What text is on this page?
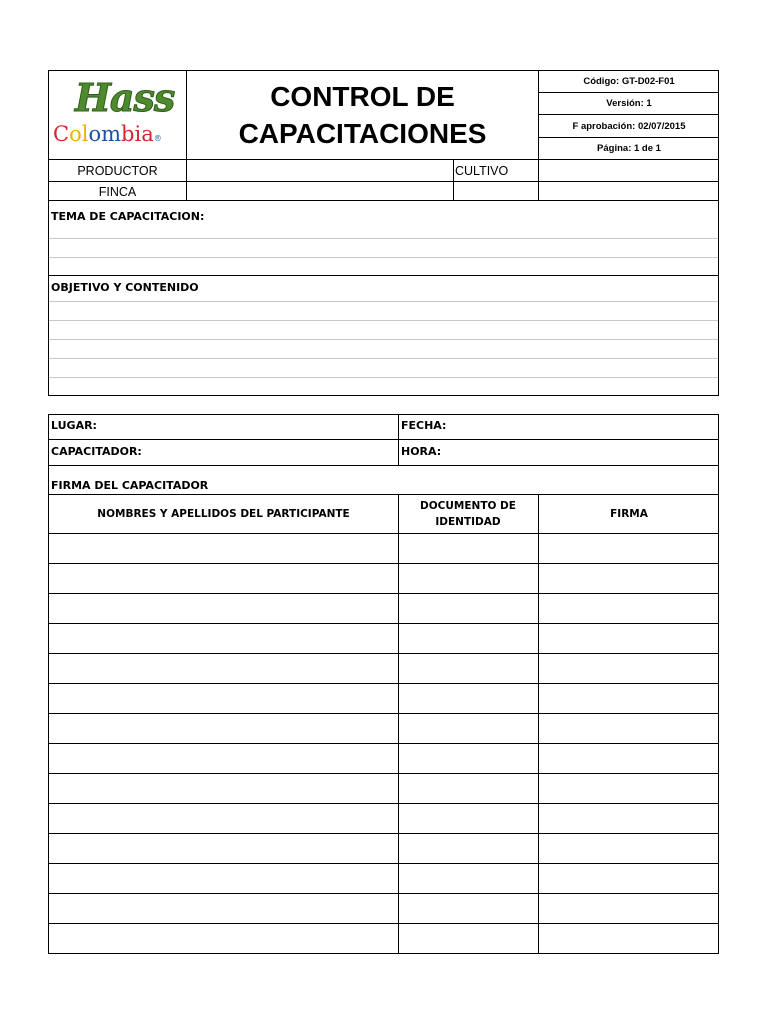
Hass
Colombia®
CONTROL DE
CAPACITACIONES
Código: GT-D02-F01
Versión: 1
F aprobación: 02/07/2015
Página: 1 de 1
PRODUCTOR
FINCA
CULTIVO
TEMA DE CAPACITACION:
OBJETIVO Y CONTENIDO
LUGAR:	FECHA:
CAPACITADOR:	HORA:
FIRMA DEL CAPACITADOR
NOMBRES Y APELLIDOS DEL PARTICIPANTE
DOCUMENTO DE IDENTIDAD
FIRMA
